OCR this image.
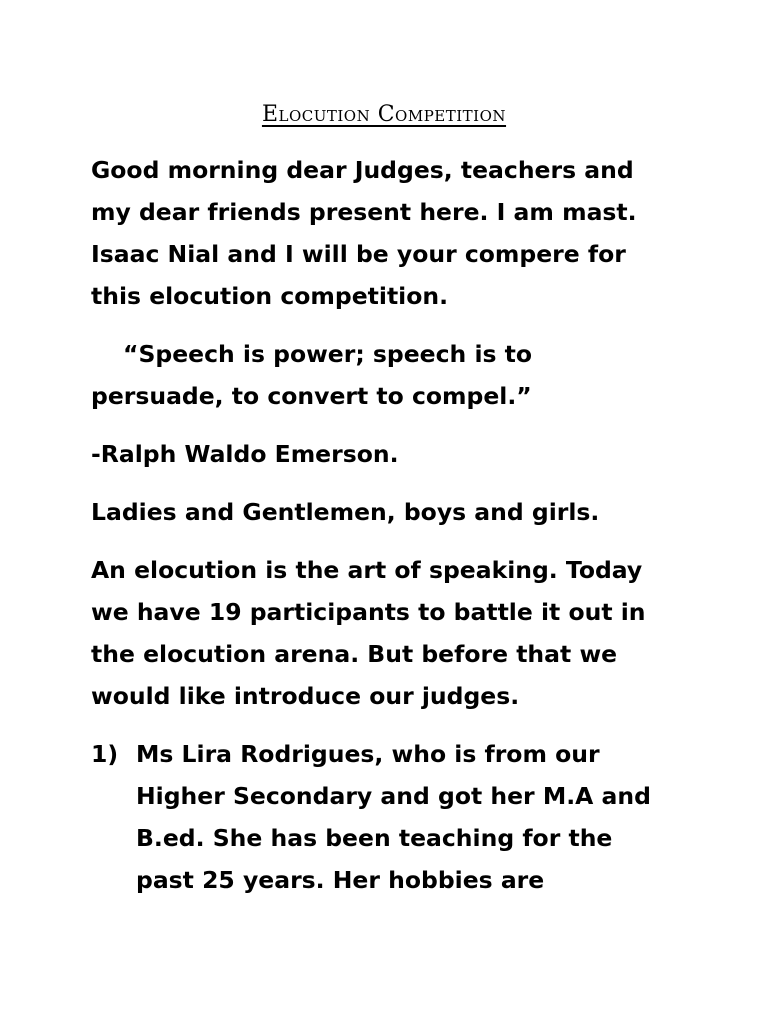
Elocution Competition

Good morning dear Judges, teachers and
my dear friends present here. I am mast.
Isaac Nial and I will be your compere for
this elocution competition.

“Speech is power; speech is to
persuade, to convert to compel.”

-Ralph Waldo Emerson.

Ladies and Gentlemen, boys and girls.

An elocution is the art of speaking. Today
we have 19 participants to battle it out in
the elocution arena. But before that we
would like introduce our judges.

1) Ms Lira Rodrigues, who is from our
Higher Secondary and got her M.A and
B.ed. She has been teaching for the
past 25 years. Her hobbies are
